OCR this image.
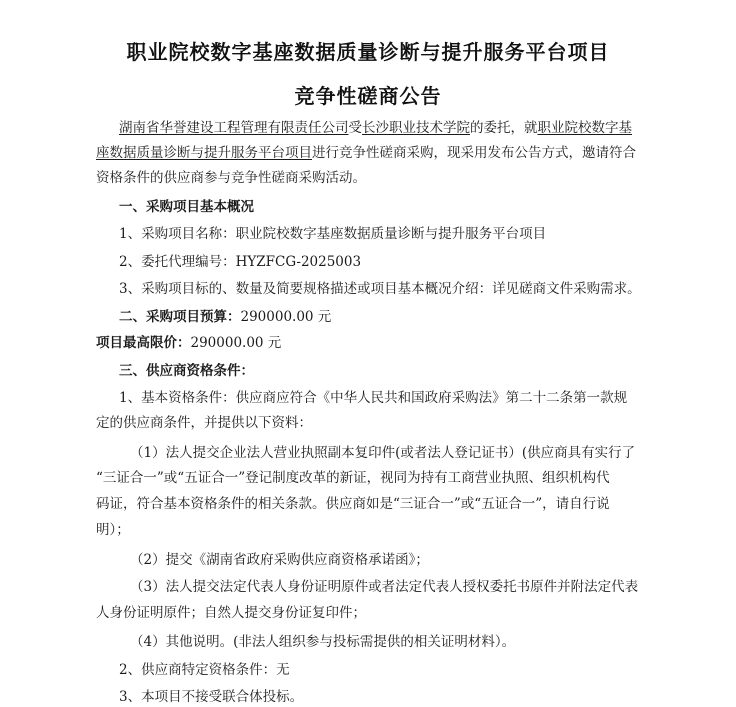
职业院校数字基座数据质量诊断与提升服务平台项目
竞争性磋商公告
湖南省华誉建设工程管理有限责任公司受长沙职业技术学院的委托，就职业院校数字基
座数据质量诊断与提升服务平台项目进行竞争性磋商采购，现采用发布公告方式，邀请符合
资格条件的供应商参与竞争性磋商采购活动。
一、采购项目基本概况
1、采购项目名称：职业院校数字基座数据质量诊断与提升服务平台项目
2、委托代理编号：HYZFCG-2025003
3、采购项目标的、数量及简要规格描述或项目基本概况介绍：详见磋商文件采购需求。
二、采购项目预算：290000.00 元
项目最高限价：290000.00 元
三、供应商资格条件：
1、基本资格条件：供应商应符合《中华人民共和国政府采购法》第二十二条第一款规
定的供应商条件，并提供以下资料：
（1）法人提交企业法人营业执照副本复印件(或者法人登记证书）(供应商具有实行了
“三证合一”或“五证合一”登记制度改革的新证，视同为持有工商营业执照、组织机构代
码证，符合基本资格条件的相关条款。供应商如是“三证合一”或“五证合一”，请自行说
明）；
（2）提交《湖南省政府采购供应商资格承诺函》；
（3）法人提交法定代表人身份证明原件或者法定代表人授权委托书原件并附法定代表
人身份证明原件；自然人提交身份证复印件；
（4）其他说明。(非法人组织参与投标需提供的相关证明材料）。
2、供应商特定资格条件：无
3、本项目不接受联合体投标。
